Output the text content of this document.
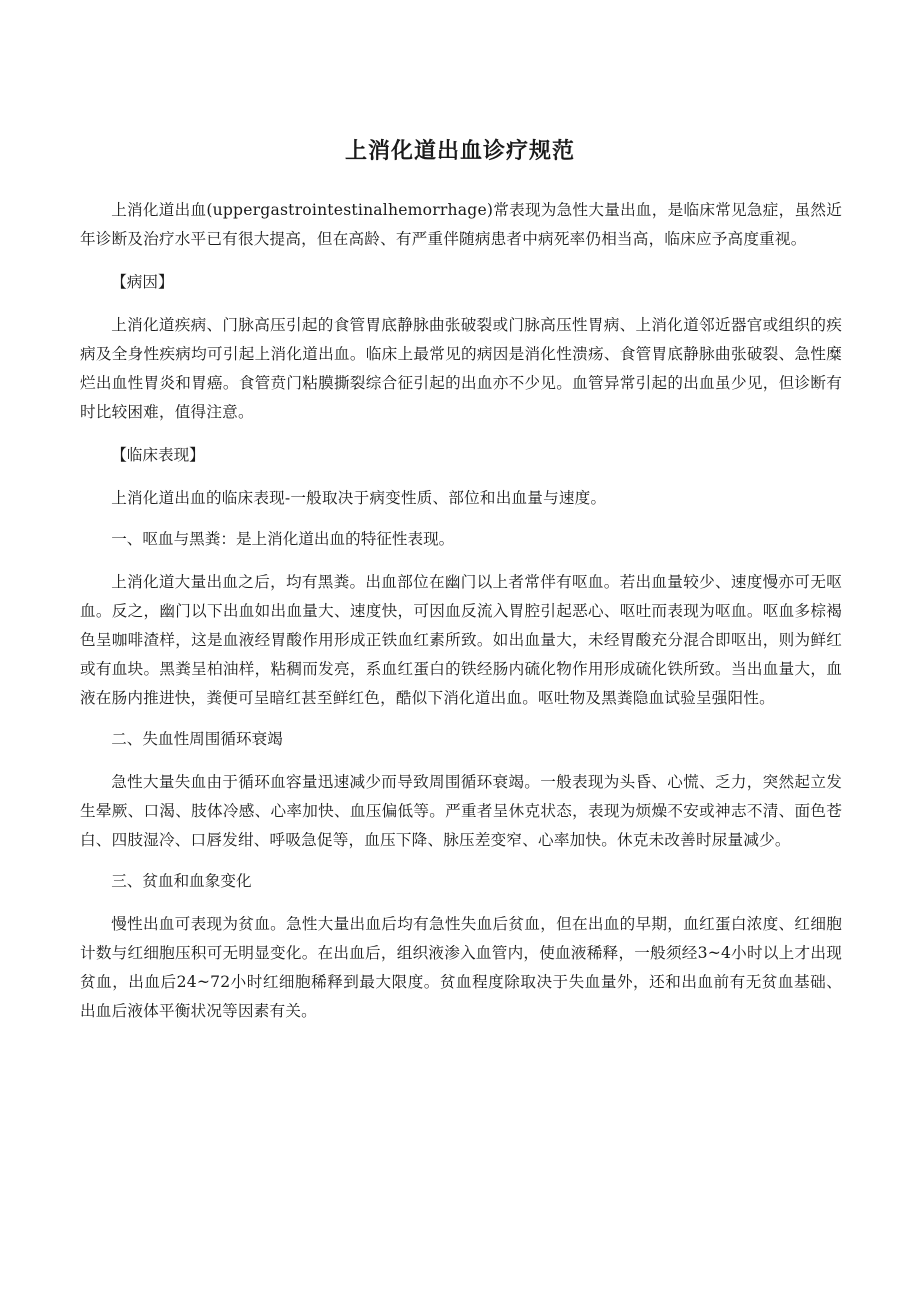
上消化道出血诊疗规范

上消化道出血(uppergastrointestinalhemorrhage)常表现为急性大量出血，是临床常见急症，虽然近年诊断及治疗水平已有很大提高，但在高龄、有严重伴随病患者中病死率仍相当高，临床应予高度重视。

【病因】

上消化道疾病、门脉高压引起的食管胃底静脉曲张破裂或门脉高压性胃病、上消化道邻近器官或组织的疾病及全身性疾病均可引起上消化道出血。临床上最常见的病因是消化性溃疡、食管胃底静脉曲张破裂、急性糜烂出血性胃炎和胃癌。食管贲门粘膜撕裂综合征引起的出血亦不少见。血管异常引起的出血虽少见，但诊断有时比较困难，值得注意。

【临床表现】

上消化道出血的临床表现-一般取决于病变性质、部位和出血量与速度。

一、呕血与黑粪：是上消化道出血的特征性表现。

上消化道大量出血之后，均有黑粪。出血部位在幽门以上者常伴有呕血。若出血量较少、速度慢亦可无呕血。反之，幽门以下出血如出血量大、速度快，可因血反流入胃腔引起恶心、呕吐而表现为呕血。呕血多棕褐色呈咖啡渣样，这是血液经胃酸作用形成正铁血红素所致。如出血量大，未经胃酸充分混合即呕出，则为鲜红或有血块。黑粪呈柏油样，粘稠而发亮，系血红蛋白的铁经肠内硫化物作用形成硫化铁所致。当出血量大，血液在肠内推进快，粪便可呈暗红甚至鲜红色，酷似下消化道出血。呕吐物及黑粪隐血试验呈强阳性。

二、失血性周围循环衰竭

急性大量失血由于循环血容量迅速减少而导致周围循环衰竭。一般表现为头昏、心慌、乏力，突然起立发生晕厥、口渴、肢体冷感、心率加快、血压偏低等。严重者呈休克状态，表现为烦燥不安或神志不清、面色苍白、四肢湿冷、口唇发绀、呼吸急促等，血压下降、脉压差变窄、心率加快。休克未改善时尿量减少。

三、贫血和血象变化

慢性出血可表现为贫血。急性大量出血后均有急性失血后贫血，但在出血的早期，血红蛋白浓度、红细胞计数与红细胞压积可无明显变化。在出血后，组织液渗入血管内，使血液稀释，一般须经3~4小时以上才出现贫血，出血后24~72小时红细胞稀释到最大限度。贫血程度除取决于失血量外，还和出血前有无贫血基础、出血后液体平衡状况等因素有关。
